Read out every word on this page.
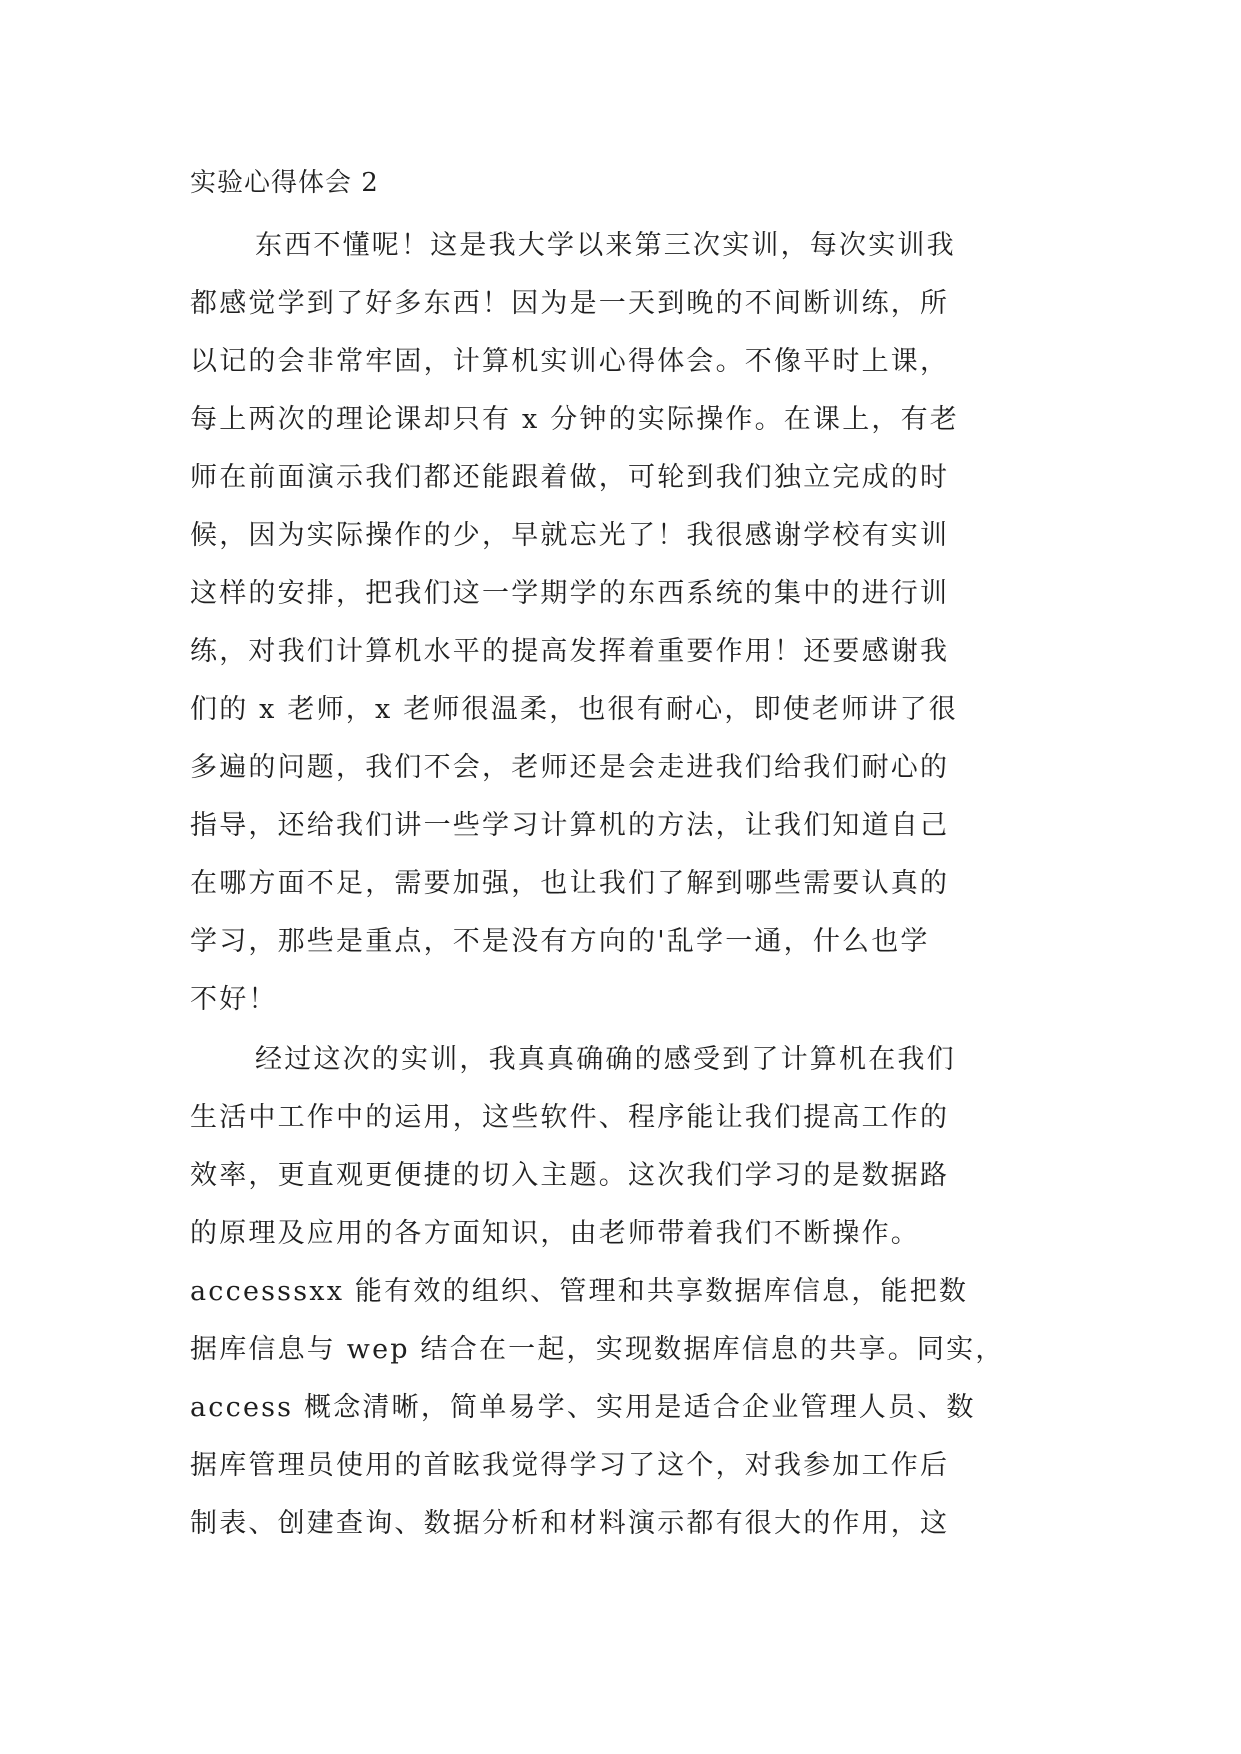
实验心得体会 2
东西不懂呢！这是我大学以来第三次实训，每次实训我
都感觉学到了好多东西！因为是一天到晚的不间断训练，所
以记的会非常牢固，计算机实训心得体会。不像平时上课，
每上两次的理论课却只有 x 分钟的实际操作。在课上，有老
师在前面演示我们都还能跟着做，可轮到我们独立完成的时
候，因为实际操作的少，早就忘光了！我很感谢学校有实训
这样的安排，把我们这一学期学的东西系统的集中的进行训
练，对我们计算机水平的提高发挥着重要作用！还要感谢我
们的 x 老师，x 老师很温柔，也很有耐心，即使老师讲了很
多遍的问题，我们不会，老师还是会走进我们给我们耐心的
指导，还给我们讲一些学习计算机的方法，让我们知道自己
在哪方面不足，需要加强，也让我们了解到哪些需要认真的
学习，那些是重点，不是没有方向的'乱学一通，什么也学
不好！
经过这次的实训，我真真确确的感受到了计算机在我们
生活中工作中的运用，这些软件、程序能让我们提高工作的
效率，更直观更便捷的切入主题。这次我们学习的是数据路
的原理及应用的各方面知识，由老师带着我们不断操作。
accesssxx 能有效的组织、管理和共享数据库信息，能把数
据库信息与 wep 结合在一起，实现数据库信息的共享。同实，
access 概念清晰，简单易学、实用是适合企业管理人员、数
据库管理员使用的首眩我觉得学习了这个，对我参加工作后
制表、创建查询、数据分析和材料演示都有很大的作用，这
